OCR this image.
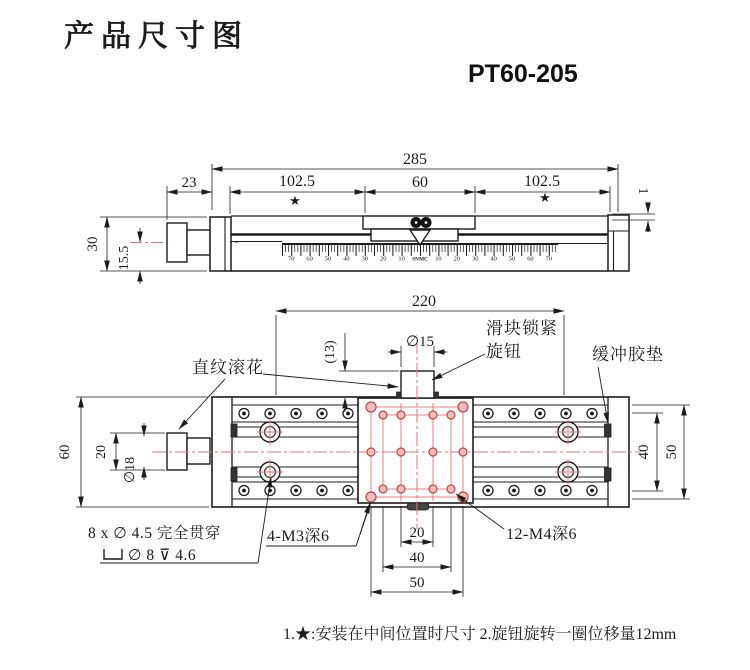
产品尺寸图
PT60-205
285
23	102.5
★
60	102.5
★	1
30
15.5	70 60 50 40 30 20 10 SNMC 10 20 30 40 50 60 70
220
(13)	∅15
60 20
∅18
40 50
20
40
50
直纹滚花
滑块锁紧
旋钮	缓冲胶垫
4-M3深6	12-M4深6
8 x ∅ 4.5 完全贯穿
∅ 8 ⊽ 4.6
1.★:安装在中间位置时尺寸 2.旋钮旋转一圈位移量12mm
